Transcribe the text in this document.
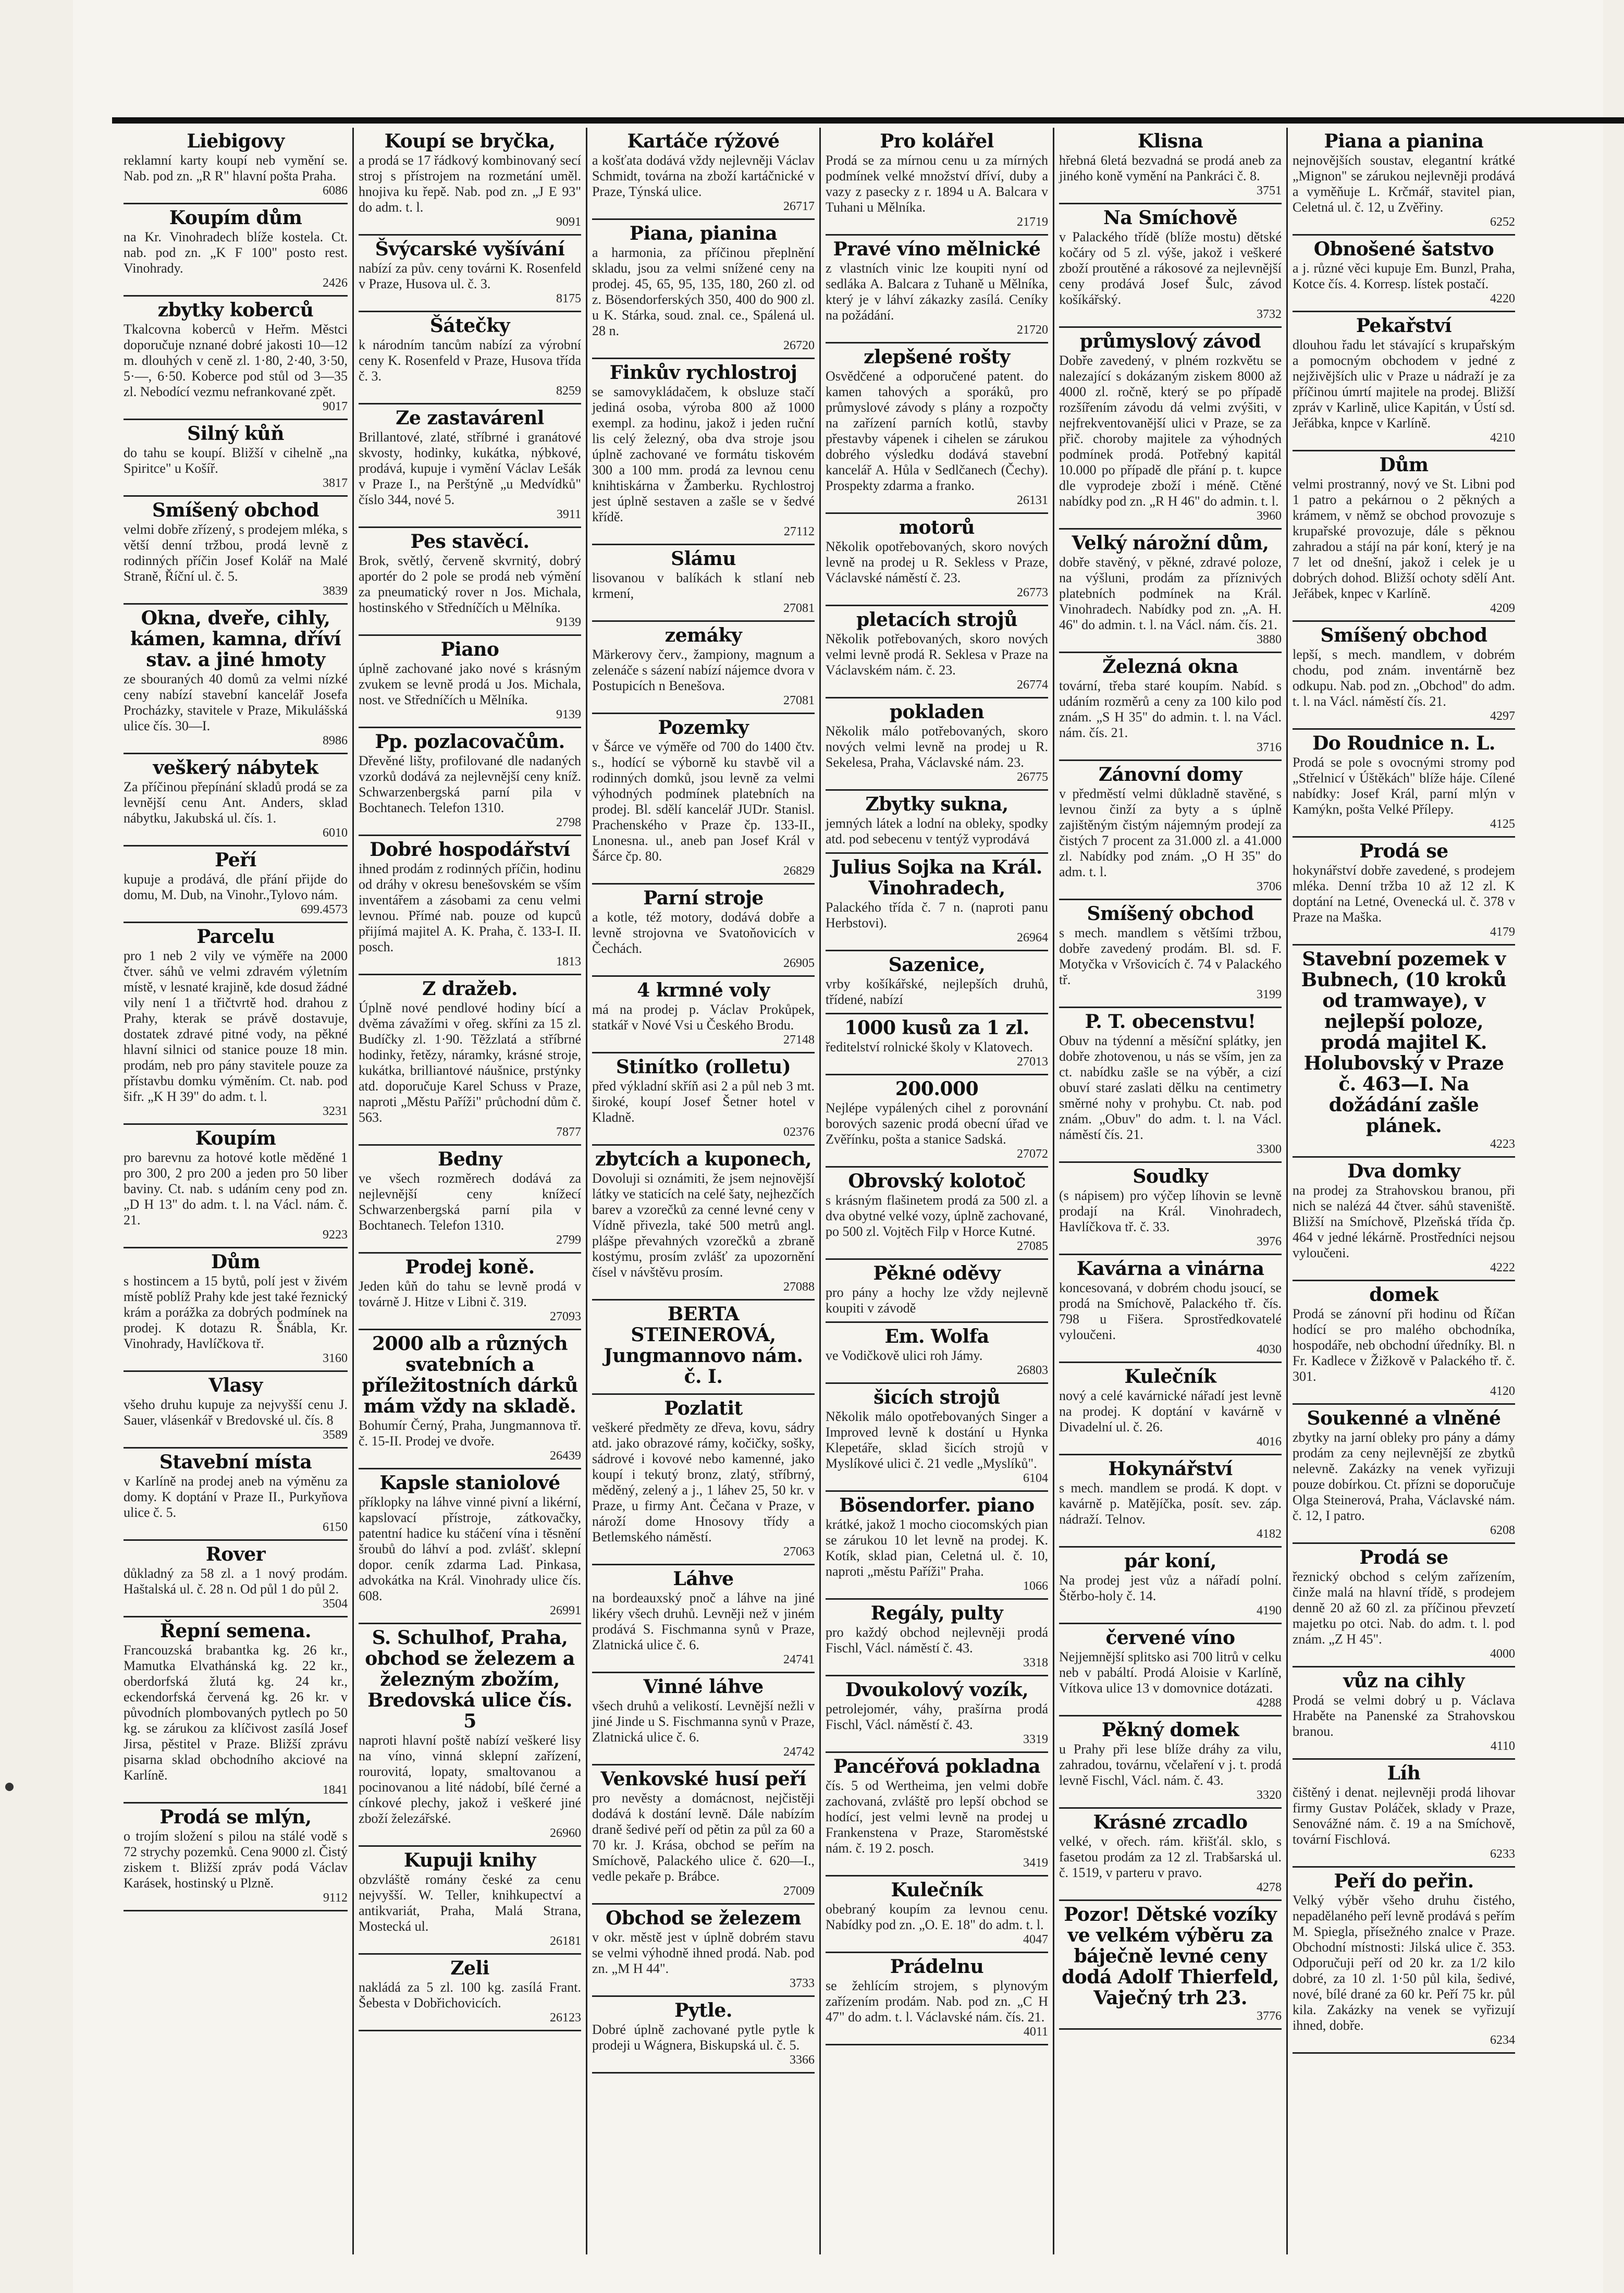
Liebigovy

reklamní karty koupí neb vymění se. Nab. pod zn. „R R" hlavní pošta Praha.

6086
Koupím dům

na Kr. Vinohradech blíže kostela. Ct. nab. pod zn. „K F 100" posto rest. Vinohrady.

2426
zbytky koberců

Tkalcovna koberců v Heřm. Městci doporučuje nznané dobré jakosti 10—12 m. dlouhých v ceně zl. 1·80, 2·40, 3·50, 5·—, 6·50. Koberce pod stůl od 3—35 zl. Nebodící vezmu nefrankované zpět.

9017
Silný kůň

do tahu se koupí. Bližší v cihelně „na Spiritce" u Košíř.

3817
Smíšený obchod

velmi dobře zřízený, s prodejem mléka, s větší denní tržbou, prodá levně z rodinných příčin Josef Kolář na Malé Straně, Říční ul. č. 5.

3839
Okna, dveře, cihly, kámen, kamna, dříví stav. a jiné hmoty

ze sbouraných 40 domů za velmi nízké ceny nabízí stavební kancelář Josefa Procházky, stavitele v Praze, Mikulášská ulice čís. 30—I.

8986
veškerý nábytek

Za příčinou přepínání skladů prodá se za levnější cenu Ant. Anders, sklad nábytku, Jakubská ul. čís. 1.

6010
Peří

kupuje a prodává, dle přání přijde do domu, M. Dub, na Vinohr.,Tylovo nám.

699.4573
Parcelu

pro 1 neb 2 vily ve výměře na 2000 čtver. sáhů ve velmi zdravém výletním místě, v lesnaté krajině, kde dosud žádné vily není 1 a třičtvrtě hod. drahou z Prahy, kterak se právě dostavuje, dostatek zdravé pitné vody, na pěkné hlavní silnici od stanice pouze 18 min. prodám, neb pro pány stavitele pouze za přístavbu domku výměním. Ct. nab. pod šifr. „K H 39" do adm. t. l.

3231
Koupím

pro barevnu za hotové kotle měděné 1 pro 300, 2 pro 200 a jeden pro 50 liber baviny. Ct. nab. s udáním ceny pod zn. „D H 13" do adm. t. l. na Václ. nám. č. 21.

9223
Dům

s hostincem a 15 bytů, polí jest v živém místě poblíž Prahy kde jest také řeznický krám a porážka za dobrých podmínek na prodej. K dotazu R. Šnábla, Kr. Vinohrady, Havlíčkova tř.

3160
Vlasy

všeho druhu kupuje za nejvyšší cenu J. Sauer, vlásenkář v Bredovské ul. čís. 8

3589
Stavební místa

v Karlíně na prodej aneb na výměnu za domy. K doptání v Praze II., Purkyňova ulice č. 5.

6150
Rover

důkladný za 58 zl. a 1 nový prodám. Haštalská ul. č. 28 n. Od půl 1 do půl 2.

3504
Řepní semena.

Francouzská brabantka kg. 26 kr., Mamutka Elvathánská kg. 22 kr., oberdorfská žlutá kg. 24 kr., eckendorfská červená kg. 26 kr. v původních plombovaných pytlech po 50 kg. se zárukou za klíčivost zasílá Josef Jirsa, pěstitel v Praze. Bližší zprávu pisarna sklad obchodního akciové na Karlíně.

1841
Prodá se mlýn,

o trojím složení s pilou na stálé vodě s 72 strychy pozemků. Cena 9000 zl. Čistý ziskem t. Bližší zpráv podá Václav Karásek, hostinský u Plzně.

9112
Koupí se bryčka,

a prodá se 17 řádkový kombinovaný secí stroj s přístrojem na rozmetání uměl. hnojiva ku řepě. Nab. pod zn. „J E 93" do adm. t. l.

9091
Švýcarské vyšívání

nabízí za pův. ceny továrni K. Rosenfeld v Praze, Husova ul. č. 3.

8175
Šátečky

k národním tancům nabízí za výrobní ceny K. Rosenfeld v Praze, Husova třída č. 3.

8259
Ze zastavárenl

Brillantové, zlaté, stříbrné i granátové skvosty, hodinky, kukátka, nýbkové, prodává, kupuje i vymění Václav Lešák v Praze I., na Perštýně „u Medvídků" číslo 344, nové 5.

3911
Pes stavěcí.

Brok, světlý, červeně skvrnitý, dobrý aportér do 2 pole se prodá neb výmění za pneumatický rover n Jos. Michala, hostinského v Středníčích u Mělníka.

9139
Piano

úplně zachované jako nové s krásným zvukem se levně prodá u Jos. Michala, nost. ve Středníčích u Mělníka.

9139
Pp. pozlacovačům.

Dřevěné lišty, profilované dle nadaných vzorků dodává za nejlevnější ceny kníž. Schwarzenbergská parní pila v Bochtanech. Telefon 1310.

2798
Dobré hospodářství

ihned prodám z rodinných příčin, hodinu od dráhy v okresu benešovském se vším inventářem a zásobami za cenu velmi levnou. Přímé nab. pouze od kupců přijímá majitel A. K. Praha, č. 133-I. II. posch.

1813
Z dražeb.

Úplně nové pendlové hodiny bící a dvěma závažími v ořeg. skříni za 15 zl. Budíčky zl. 1·90. Těžzlatá a stříbrné hodinky, řetězy, náramky, krásné stroje, kukátka, brilliantové náušnice, prstýnky atd. doporučuje Karel Schuss v Praze, naproti „Městu Paříži" průchodní dům č. 563.

7877
Bedny

ve všech rozměrech dodává za nejlevnější ceny knížecí Schwarzenbergská parní pila v Bochtanech. Telefon 1310.

2799
Prodej koně.

Jeden kůň do tahu se levně prodá v továrně J. Hitze v Libni č. 319.

27093
2000 alb a různých svatebních a příležitostních dárků mám vždy na skladě.

Bohumír Černý, Praha, Jungmannova tř. č. 15-II. Prodej ve dvoře.

26439
Kapsle staniolové

příklopky na láhve vinné pivní a likérní, kapslovací přístroje, zátkovačky, patentní hadice ku stáčení vína i těsnění šroubů do láhví a pod. zvlášť. sklepní dopor. ceník zdarma Lad. Pinkasa, advokátka na Král. Vinohrady ulice čís. 608.

26991
S. Schulhof, Praha, obchod se železem a železným zbožím, Bredovská ulice čís. 5

naproti hlavní poště nabízí veškeré lisy na víno, vinná sklepní zařízení, rourovitá, lopaty, smaltovanou a pocinovanou a lité nádobí, bílé černé a cínkové plechy, jakož i veškeré jiné zboží železářské.

26960
Kupuji knihy

obzvláště romány české za cenu nejvyšší. W. Teller, knihkupectví a antikvariát, Praha, Malá Strana, Mostecká ul.

26181
Zeli

nakládá za 5 zl. 100 kg. zasílá Frant. Šebesta v Dobřichovicích.

26123
Kartáče rýžové

a košťata dodává vždy nejlevněji Václav Schmidt, továrna na zboží kartáčnické v Praze, Týnská ulice.

26717
Piana, pianina

a harmonia, za příčinou přeplnění skladu, jsou za velmi snížené ceny na prodej. 45, 65, 95, 135, 180, 260 zl. od z. Bösendorferských 350, 400 do 900 zl. u K. Stárka, soud. znal. ce., Spálená ul. 28 n.

26720
Finkův rychlostroj

se samovykládačem, k obsluze stačí jediná osoba, výroba 800 až 1000 exempl. za hodinu, jakož i jeden ruční lis celý železný, oba dva stroje jsou úplně zachované ve formátu tiskovém 300 a 100 mm. prodá za levnou cenu knihtiskárna v Žamberku. Rychlostroj jest úplně sestaven a zašle se v šedvé křídě.

27112
Slámu

lisovanou v balíkách k stlaní neb krmení,

27081
zemáky

Märkerovy červ., žampiony, magnum a zelenáče s sázení nabízí nájemce dvora v Postupicích n Benešova.

27081
Pozemky

v Šárce ve výměře od 700 do 1400 čtv. s., hodící se výborně ku stavbě vil a rodinných domků, jsou levně za velmi výhodných podmínek platebních na prodej. Bl. sdělí kancelář JUDr. Stanisl. Prachenského v Praze čp. 133-II., Lnonesna. ul., aneb pan Josef Král v Šárce čp. 80.

26829
Parní stroje

a kotle, též motory, dodává dobře a levně strojovna ve Svatoňovicích v Čechách.

26905
4 krmné voly

má na prodej p. Václav Prokůpek, statkář v Nové Vsi u Českého Brodu.

27148
Stinítko (rolletu)

před výkladní skříň asi 2 a půl neb 3 mt. široké, koupí Josef Šetner hotel v Kladně.

02376
zbytcích a kuponech,

Dovoluji si oznámiti, že jsem nejnovější látky ve staticích na celé šaty, nejhezčích barev a vzorečků za cenné levné ceny v Vídně přivezla, také 500 metrů angl. plášpe převahných vzorečků a zbraně kostýmu, prosím zvlášť za upozornění čísel v návštěvu prosím.

27088
BERTA STEINEROVÁ, Jungmannovo nám. č. I.

Pozlatit

veškeré předměty ze dřeva, kovu, sádry atd. jako obrazové rámy, kočičky, sošky, sádrové i kovové nebo kamenné, jako koupí i tekutý bronz, zlatý, stříbrný, měděný, zelený a j., 1 láhev 25, 50 kr. v Praze, u firmy Ant. Čečana v Praze, v nároží dome Hnosovy třídy a Betlemského náměstí.

27063
Láhve

na bordeauxský pnoč a láhve na jiné likéry všech druhů. Levněji než v jiném prodává S. Fischmanna synů v Praze, Zlatnická ulice č. 6.

24741
Vinné láhve

všech druhů a velikostí. Levnější nežli v jiné Jinde u S. Fischmanna synů v Praze, Zlatnická ulice č. 6.

24742
Venkovské husí peří

pro nevěsty a domácnost, nejčistěji dodává k dostání levně. Dále nabízím draně šedivé peří od pětin za půl za 60 a 70 kr. J. Krása, obchod se peřím na Smíchově, Palackého ulice č. 620—I., vedle pekaře p. Brábce.

27009
Obchod se železem

v okr. městě jest v úplně dobrém stavu se velmi výhodně ihned prodá. Nab. pod zn. „M H 44".

3733
Pytle.

Dobré úplně zachované pytle pytle k prodeji u Wágnera, Biskupská ul. č. 5.

3366
Pro kolářel

Prodá se za mírnou cenu u za mírných podmínek velké množství dříví, duby a vazy z pasecky z r. 1894 u A. Balcara v Tuhani u Mělníka.

21719
Pravé víno mělnické

z vlastních vinic lze koupiti nyní od sedláka A. Balcara z Tuhaně u Mělníka, který je v láhví zákazky zasílá. Ceníky na požádání.

21720
zlepšené rošty

Osvědčené a odporučené patent. do kamen tahových a sporáků, pro průmyslové závody s plány a rozpočty na zařízení parních kotlů, stavby přestavby vápenek i cihelen se zárukou dobrého výsledku dodává stavební kancelář A. Hůla v Sedlčanech (Čechy). Prospekty zdarma a franko.

26131
motorů

Několik opotřebovaných, skoro nových levně na prodej u R. Sekless v Praze, Václavské náměstí č. 23.

26773
pletacích strojů

Několik potřebovaných, skoro nových velmi levně prodá R. Seklesa v Praze na Václavském nám. č. 23.

26774
pokladen

Několik málo potřebovaných, skoro nových velmi levně na prodej u R. Sekelesa, Praha, Václavské nám. 23.

26775
Zbytky sukna,

jemných látek a lodní na obleky, spodky atd. pod sebecenu v tentýž vyprodává

Julius Sojka na Král. Vinohradech,

Palackého třída č. 7 n. (naproti panu Herbstovi).

26964
Sazenice,

vrby košíkářské, nejlepších druhů, třídené, nabízí

1000 kusů za 1 zl.

ředitelství rolnické školy v Klatovech.

27013
200.000

Nejlépe vypálených cihel z porovnání borových sazenic prodá obecní úřad ve Zvěřínku, pošta a stanice Sadská.

27072
Obrovský kolotoč

s krásným flašinetem prodá za 500 zl. a dva obytné velké vozy, úplně zachované, po 500 zl. Vojtěch Filp v Horce Kutné.

27085
Pěkné oděvy

pro pány a hochy lze vždy nejlevně koupiti v závodě

Em. Wolfa

ve Vodičkově ulici roh Jámy.

26803
šicích strojů

Několik málo opotřebovaných Singer a Improved levně k dostání u Hynka Klepetáře, sklad šicích strojů v Myslíkové ulici č. 21 vedle „Myslíků".

6104
Bösendorfer. piano

krátké, jakož 1 mocho ciocomských pian se zárukou 10 let levně na prodej. K. Kotík, sklad pian, Celetná ul. č. 10, naproti „městu Paříži" Praha.

1066
Regály, pulty

pro každý obchod nejlevněji prodá Fischl, Václ. náměstí č. 43.

3318
Dvoukolový vozík,

petrolejomér, váhy, prašírna prodá Fischl, Václ. náměstí č. 43.

3319
Pancéřová pokladna

čís. 5 od Wertheima, jen velmi dobře zachovaná, zvláště pro lepší obchod se hodící, jest velmi levně na prodej u Frankenstena v Praze, Staroměstské nám. č. 19 2. posch.

3419
Kulečník

obebraný koupím za levnou cenu. Nabídky pod zn. „O. E. 18" do adm. t. l.

4047
Prádelnu

se žehlícím strojem, s plynovým zařízením prodám. Nab. pod zn. „C H 47" do adm. t. l. Václavské nám. čís. 21.

4011
Klisna

hřebná 6letá bezvadná se prodá aneb za jiného koně vymění na Pankráci č. 8.

3751
Na Smíchově

v Palackého třídě (blíže mostu) dětské kočáry od 5 zl. výše, jakož i veškeré zboží proutěné a rákosové za nejlevnější ceny prodává Josef Šulc, závod košíkářský.

3732
průmyslový závod

Dobře zavedený, v plném rozkvětu se nalezající s dokázaným ziskem 8000 až 4000 zl. ročně, který se po případě rozšířením závodu dá velmi zvýšiti, v nejfrekventovanější ulici v Praze, se za přič. choroby majitele za výhodných podmínek prodá. Potřebný kapitál 10.000 po případě dle přání p. t. kupce dle vyprodeje zboží i méně. Ctěné nabídky pod zn. „R H 46" do admin. t. l.

3960
Velký nárožní dům,

dobře stavěný, v pěkné, zdravé poloze, na výšluni, prodám za příznivých platebních podmínek na Král. Vinohradech. Nabídky pod zn. „A. H. 46" do admin. t. l. na Václ. nám. čís. 21.

3880
Železná okna

tovární, třeba staré koupím. Nabíd. s udáním rozměrů a ceny za 100 kilo pod znám. „S H 35" do admin. t. l. na Václ. nám. čís. 21.

3716
Zánovní domy

v předměstí velmi důkladně stavěné, s levnou činží za byty a s úplně zajištěným čistým nájemným prodejí za čistých 7 procent za 31.000 zl. a 41.000 zl. Nabídky pod znám. „O H 35" do adm. t. l.

3706
Smíšený obchod

s mech. mandlem s většími tržbou, dobře zavedený prodám. Bl. sd. F. Motyčka v Vršovicích č. 74 v Palackého tř.

3199
P. T. obecenstvu!

Obuv na týdenní a měsíční splátky, jen dobře zhotovenou, u nás se vším, jen za ct. nabídku zašle se na výběr, a cizí obuví staré zaslati dělku na centimetry směrné nohy v prohybu. Ct. nab. pod znám. „Obuv" do adm. t. l. na Václ. náměstí čís. 21.

3300
Soudky

(s nápisem) pro výčep líhovin se levně prodají na Král. Vinohradech, Havlíčkova tř. č. 33.

3976
Kavárna a vinárna

koncesovaná, v dobrém chodu jsoucí, se prodá na Smíchově, Palackého tř. čís. 798 u Fišera. Sprostředkovatelé vyloučeni.

4030
Kulečník

nový a celé kavárnické nářadí jest levně na prodej. K doptání v kavárně v Divadelní ul. č. 26.

4016
Hokynářství

s mech. mandlem se prodá. K dopt. v kavárně p. Matějíčka, posít. sev. záp. nádraží. Telnov.

4182
pár koní,

Na prodej jest vůz a nářadí polní. Štěrbo-holy č. 14.

4190
červené víno

Nejjemnější splitsko asi 700 litrů v celku neb v pabáltí. Prodá Aloisie v Karlíně, Vítkova ulice 13 v domovnice dotázati.

4288
Pěkný domek

u Prahy při lese blíže dráhy za vilu, zahradou, továrnu, včelaření v j. t. prodá levně Fischl, Václ. nám. č. 43.

3320
Krásné zrcadlo

velké, v ořech. rám. křišťál. sklo, s fasetou prodám za 12 zl. Trabšarská ul. č. 1519, v parteru v pravo.

4278
Pozor! Dětské vozíky ve velkém výběru za báječně levné ceny dodá Adolf Thierfeld, Vaječný trh 23.

3776
Piana a pianina

nejnovějších soustav, elegantní krátké „Mignon" se zárukou nejlevněji prodává a vyměňuje L. Krčmář, stavitel pian, Celetná ul. č. 12, u Zvěřiny.

6252
Obnošené šatstvo

a j. různé věci kupuje Em. Bunzl, Praha, Kotce čís. 4. Korresp. lístek postačí.

4220
Pekařství

dlouhou řadu let stávající s krupařským a pomocným obchodem v jedné z nejživějších ulic v Praze u nádraží je za příčinou úmrtí majitele na prodej. Bližší zpráv v Karlině, ulice Kapitán, v Ústí sd. Jeřábka, knpce v Karlíně.

4210
Dům

velmi prostranný, nový ve St. Libni pod 1 patro a pekárnou o 2 pěkných a krámem, v němž se obchod provozuje s krupařské provozuje, dále s pěknou zahradou a stájí na pár koní, který je na 7 let od dnešní, jakož i celek je u dobrých dohod. Bližší ochoty sdělí Ant. Jeřábek, knpec v Karlíně.

4209
Smíšený obchod

lepší, s mech. mandlem, v dobrém chodu, pod znám. inventárně bez odkupu. Nab. pod zn. „Obchod" do adm. t. l. na Václ. náměstí čís. 21.

4297
Do Roudnice n. L.

Prodá se pole s ovocnými stromy pod „Střelnicí v Úštěkách" blíže háje. Cílené nabídky: Josef Král, parní mlýn v Kamýkn, pošta Velké Přílepy.

4125
Prodá se

hokynářství dobře zavedené, s prodejem mléka. Denní tržba 10 až 12 zl. K doptání na Letné, Ovenecká ul. č. 378 v Praze na Maška.

4179
Stavební pozemek v Bubnech, (10 kroků od tramwaye), v nejlepší poloze, prodá majitel K. Holubovský v Praze č. 463—I. Na dožádání zašle plánek.

4223
Dva domky

na prodej za Strahovskou branou, při nich se nalézá 44 čtver. sáhů staveniště. Bližší na Smíchově, Plzeňská třída čp. 464 v jedné lékárně. Prostředníci nejsou vyloučeni.

4222
domek

Prodá se zánovní při hodinu od Říčan hodící se pro malého obchodníka, hospodáře, neb obchodní úředníky. Bl. n Fr. Kadlece v Žižkově v Palackého tř. č. 301.

4120
Soukenné a vlněné

zbytky na jarní obleky pro pány a dámy prodám za ceny nejlevnější ze zbytků nelevně. Zakázky na venek vyřizuji pouze dobírkou. Ct. přízni se doporučuje Olga Steinerová, Praha, Václavské nám. č. 12, I patro.

6208
Prodá se

řeznický obchod s celým zařízením, činže malá na hlavní třídě, s prodejem denně 20 až 60 zl. za příčinou převzetí majetku po otci. Nab. do adm. t. l. pod znám. „Z H 45".

4000
vůz na cihly

Prodá se velmi dobrý u p. Václava Hraběte na Panenské za Strahovskou branou.

4110
Líh

čištěný i denat. nejlevněji prodá lihovar firmy Gustav Poláček, sklady v Praze, Senovážné nám. č. 19 a na Smíchově, tovární Fischlová.

6233
Peří do peřin.

Velký výběr všeho druhu čistého, nepadělaného peří levně prodává s peřím M. Spiegla, přísežného znalce v Praze. Obchodní místnosti: Jilská ulice č. 353. Odporučuji peří od 20 kr. za 1/2 kilo dobré, za 10 zl. 1·50 půl kila, šedivé, nové, bílé drané za 60 kr. Peří 75 kr. půl kila. Zakázky na venek se vyřizují ihned, dobře.

6234
